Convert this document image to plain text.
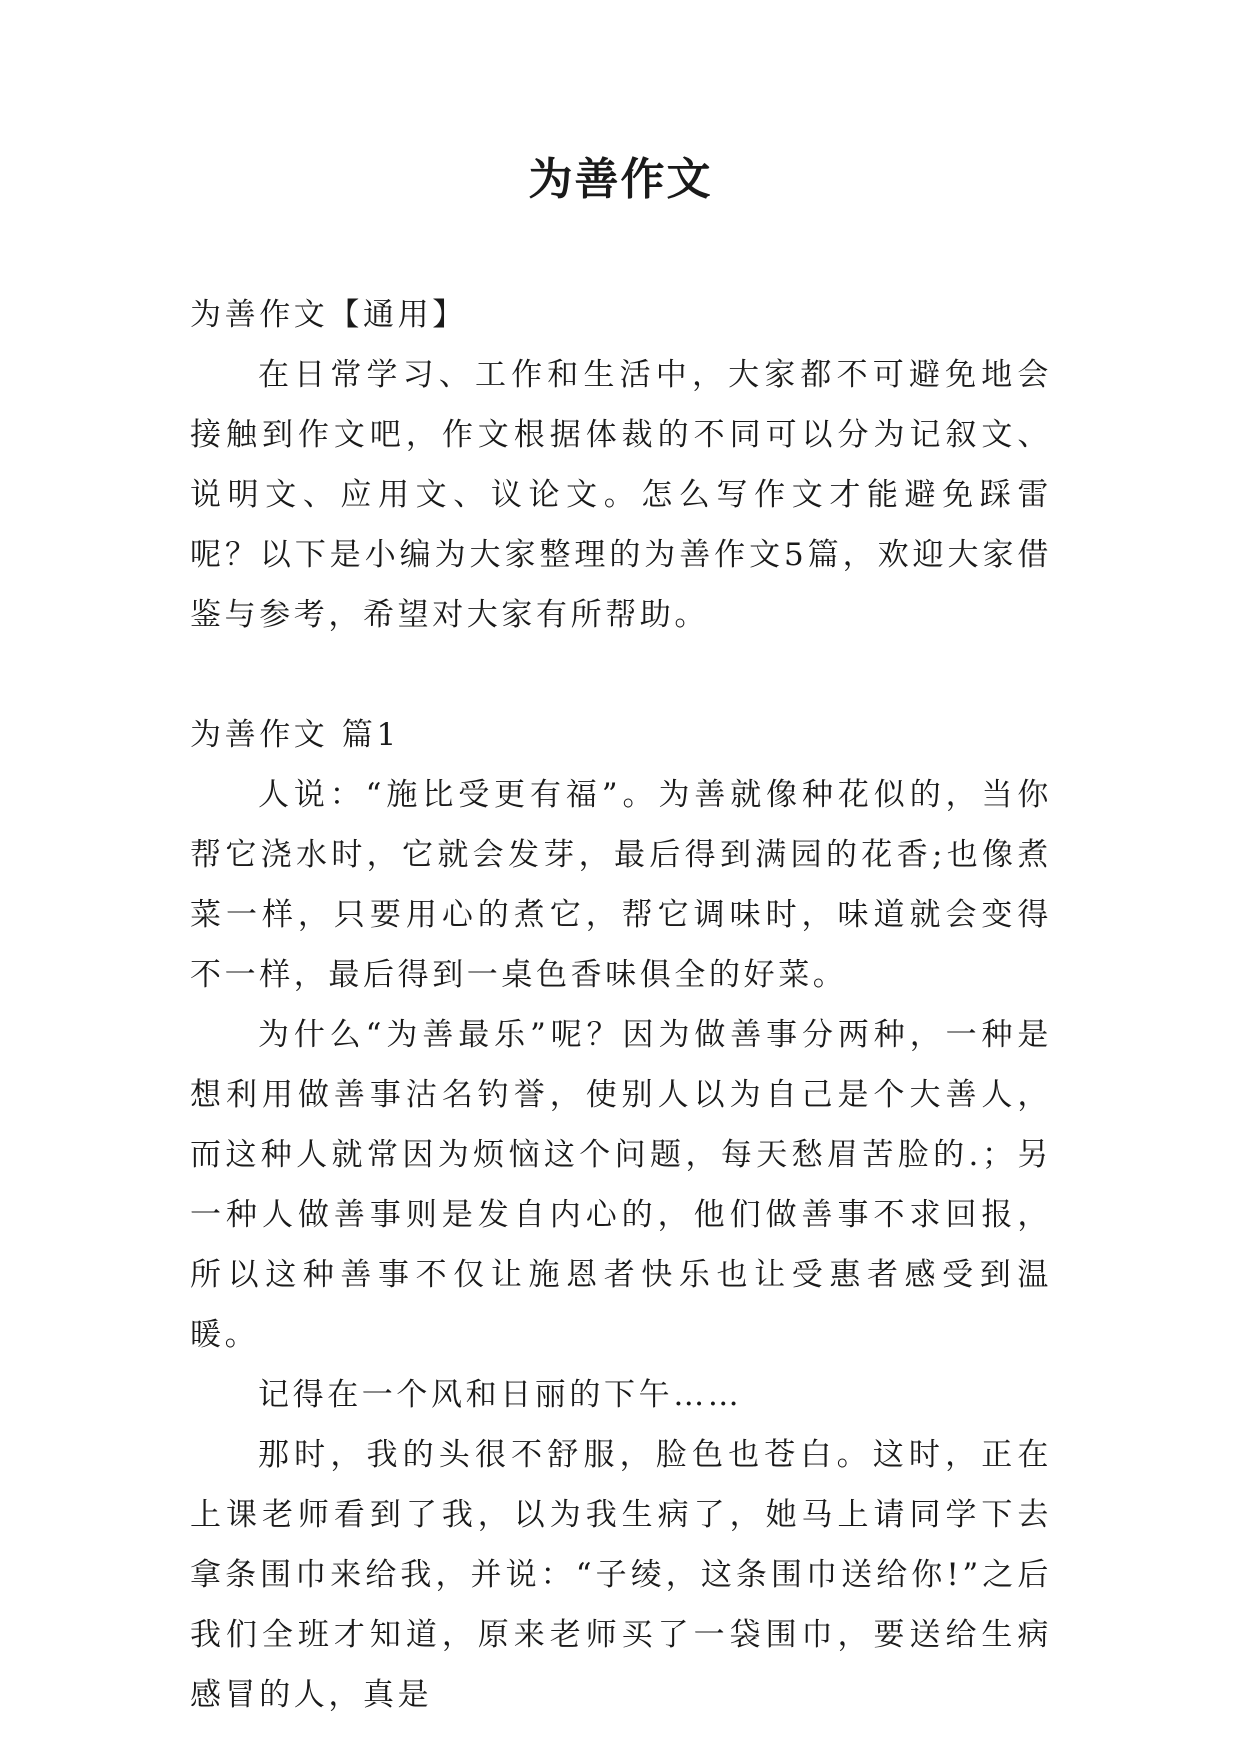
为善作文

为善作文【通用】

在日常学习、工作和生活中，大家都不可避免地会接触到作文吧，作文根据体裁的不同可以分为记叙文、说明文、应用文、议论文。怎么写作文才能避免踩雷呢？以下是小编为大家整理的为善作文5篇，欢迎大家借鉴与参考，希望对大家有所帮助。

为善作文 篇1

人说：“施比受更有福”。为善就像种花似的，当你帮它浇水时，它就会发芽，最后得到满园的花香;也像煮菜一样，只要用心的煮它，帮它调味时，味道就会变得不一样，最后得到一桌色香味俱全的好菜。

为什么“为善最乐”呢？因为做善事分两种，一种是想利用做善事沽名钓誉，使别人以为自己是个大善人，而这种人就常因为烦恼这个问题，每天愁眉苦脸的.；另一种人做善事则是发自内心的，他们做善事不求回报，所以这种善事不仅让施恩者快乐也让受惠者感受到温暖。

记得在一个风和日丽的下午……

那时，我的头很不舒服，脸色也苍白。这时，正在上课老师看到了我，以为我生病了，她马上请同学下去拿条围巾来给我，并说：“子绫，这条围巾送给你!”之后我们全班才知道，原来老师买了一袋围巾，要送给生病感冒的人，真是
